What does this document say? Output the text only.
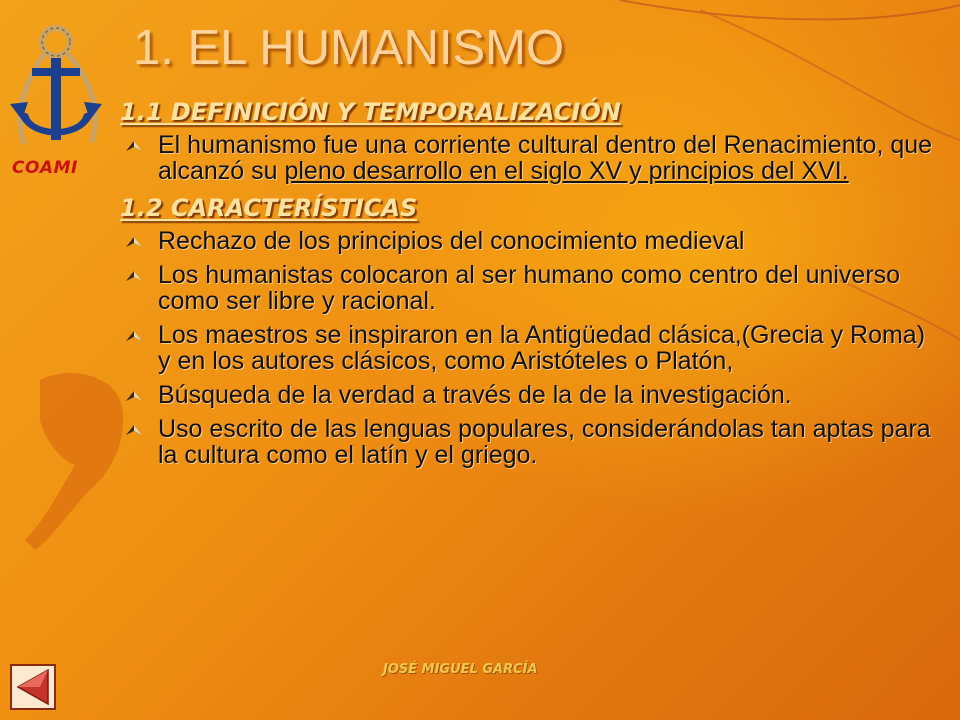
COAMI
1. EL HUMANISMO
1.1 DEFINICIÓN Y TEMPORALIZACIÓN
El humanismo fue una corriente cultural dentro del Renacimiento, que alcanzó su pleno desarrollo en el siglo XV y principios del XVI.
1.2 CARACTERÍSTICAS
Rechazo de los principios del conocimiento medieval
Los humanistas colocaron al ser humano como centro del universo como ser libre y racional.
Los maestros se inspiraron en la Antigüedad clásica,(Grecia y Roma) y en los autores clásicos, como Aristóteles o Platón,
Búsqueda de la verdad a través de la de la investigación.
Uso escrito de las lenguas populares, considerándolas tan aptas para la cultura como el latín y el griego.
JOSÉ MIGUEL GARCÍA
